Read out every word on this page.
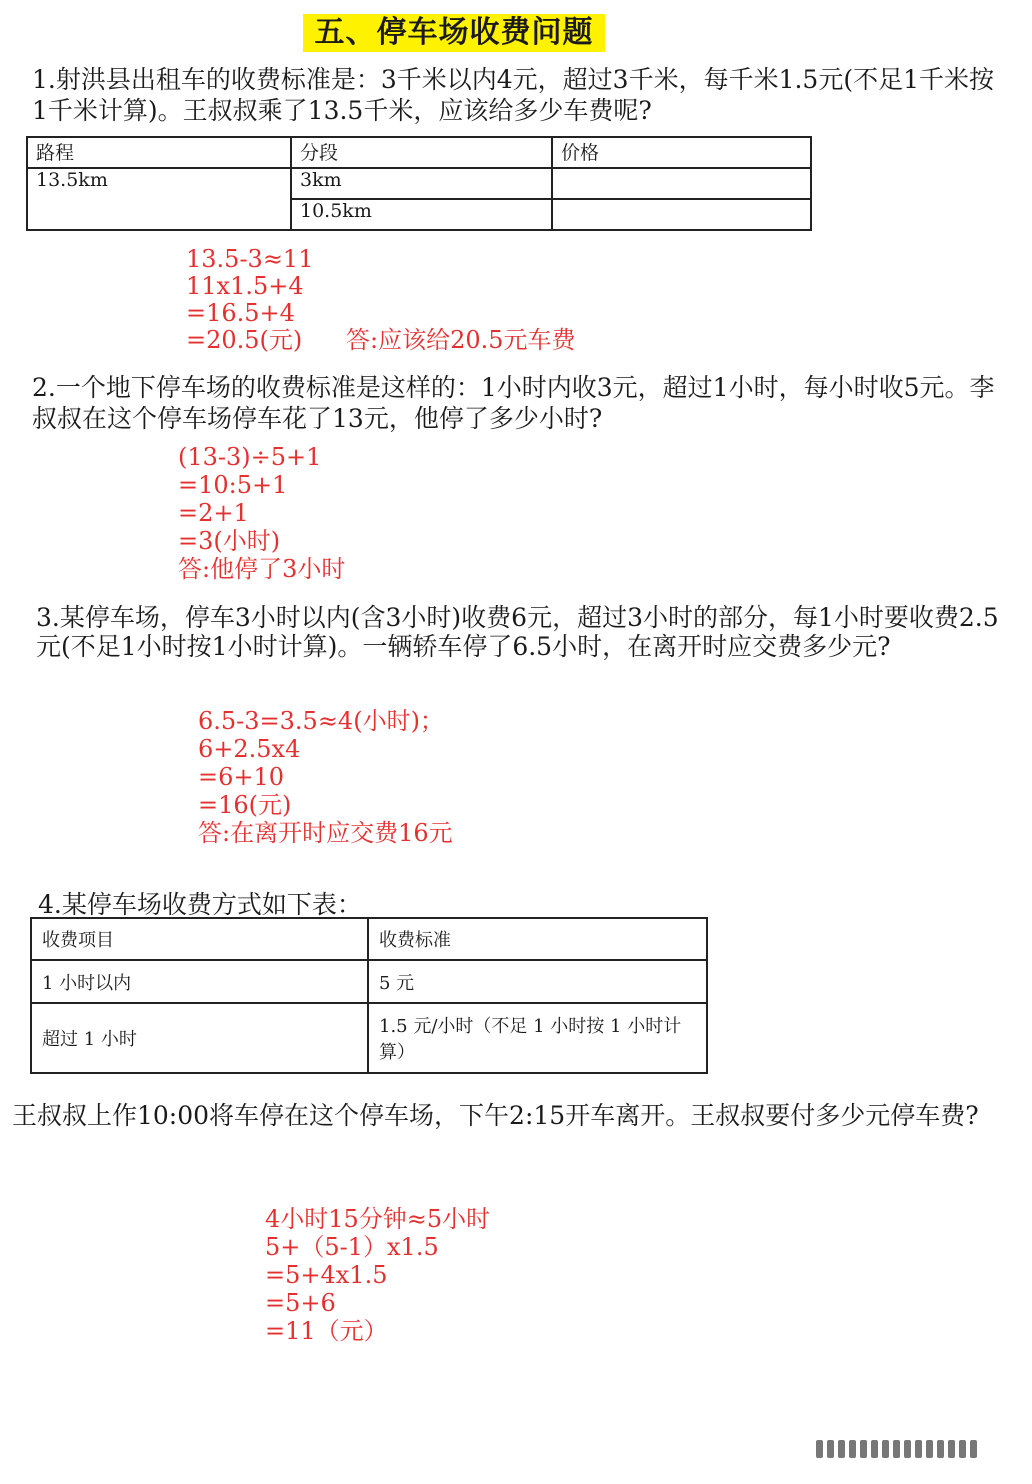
五、停车场收费问题
1.射洪县出租车的收费标准是：3千米以内4元，超过3千米，每千米1.5元(不足1千米按1千米计算)。王叔叔乘了13.5千米，应该给多少车费呢?
路程	分段	价格
13.5km	3km	
	10.5km	
13.5-3≈11
11x1.5+4
=16.5+4
=20.5(元)	答:应该给20.5元车费
2.一个地下停车场的收费标准是这样的：1小时内收3元，超过1小时，每小时收5元。李叔叔在这个停车场停车花了13元，他停了多少小时?
(13-3)÷5+1
=10:5+1
=2+1
=3(小时)
答:他停了3小时
3.某停车场，停车3小时以内(含3小时)收费6元，超过3小时的部分，每1小时要收费2.5元(不足1小时按1小时计算)。一辆轿车停了6.5小时，在离开时应交费多少元?
6.5-3=3.5≈4(小时)；
6+2.5x4
=6+10
=16(元)
答:在离开时应交费16元
4.某停车场收费方式如下表：
收费项目	收费标准
1 小时以内	5 元
超过 1 小时	1.5 元/小时（不足 1 小时按 1 小时计算）
王叔叔上作10:00将车停在这个停车场，下午2:15开车离开。王叔叔要付多少元停车费?
4小时15分钟≈5小时
5+（5-1）x1.5
=5+4x1.5
=5+6
=11（元）
